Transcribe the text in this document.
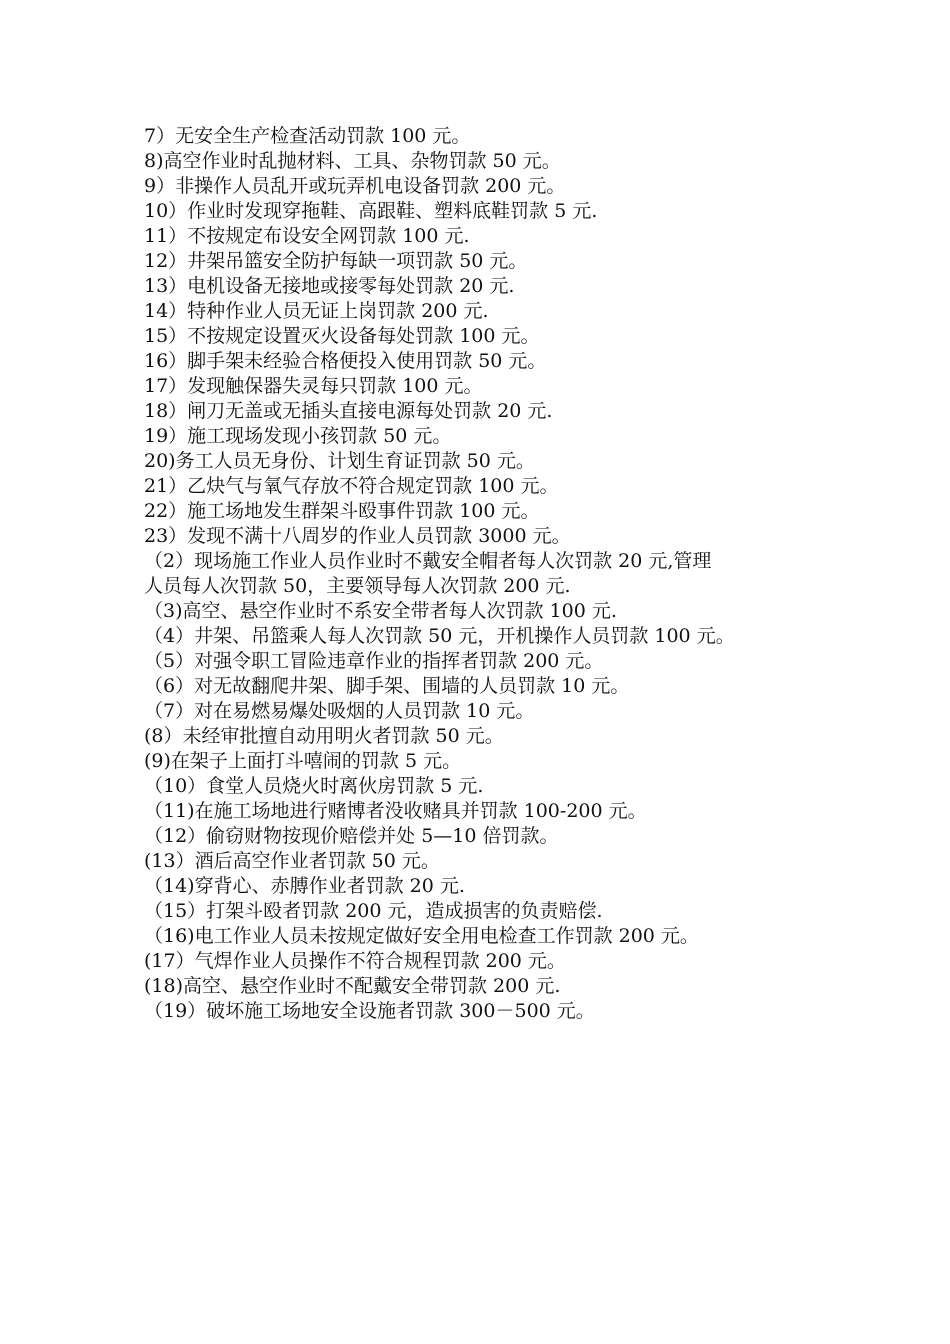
7）无安全生产检查活动罚款 100 元。

8)高空作业时乱抛材料、工具、杂物罚款 50 元。

9）非操作人员乱开或玩弄机电设备罚款 200 元。

10）作业时发现穿拖鞋、高跟鞋、塑料底鞋罚款 5 元.

11）不按规定布设安全网罚款 100 元.

12）井架吊篮安全防护每缺一项罚款 50 元。

13）电机设备无接地或接零每处罚款 20 元.

14）特种作业人员无证上岗罚款 200 元.

15）不按规定设置灭火设备每处罚款 100 元。

16）脚手架未经验合格便投入使用罚款 50 元。

17）发现触保器失灵每只罚款 100 元。

18）闸刀无盖或无插头直接电源每处罚款 20 元.

19）施工现场发现小孩罚款 50 元。

20)务工人员无身份、计划生育证罚款 50 元。

21）乙炔气与氧气存放不符合规定罚款 100 元。

22）施工场地发生群架斗殴事件罚款 100 元。

23）发现不满十八周岁的作业人员罚款 3000 元。

（2）现场施工作业人员作业时不戴安全帽者每人次罚款 20 元,管理

人员每人次罚款 50，主要领导每人次罚款 200 元.

（3)高空、悬空作业时不系安全带者每人次罚款 100 元.

（4）井架、吊篮乘人每人次罚款 50 元，开机操作人员罚款 100 元。

（5）对强令职工冒险违章作业的指挥者罚款 200 元。

（6）对无故翻爬井架、脚手架、围墙的人员罚款 10 元。

（7）对在易燃易爆处吸烟的人员罚款 10 元。

(8）未经审批擅自动用明火者罚款 50 元。

(9)在架子上面打斗嘻闹的罚款 5 元。

（10）食堂人员烧火时离伙房罚款 5 元.

（11)在施工场地进行赌博者没收赌具并罚款 100-200 元。

（12）偷窃财物按现价赔偿并处 5—10 倍罚款。

(13）酒后高空作业者罚款 50 元。

（14)穿背心、赤膊作业者罚款 20 元.

（15）打架斗殴者罚款 200 元，造成损害的负责赔偿.

（16)电工作业人员未按规定做好安全用电检查工作罚款 200 元。

(17）气焊作业人员操作不符合规程罚款 200 元。

(18)高空、悬空作业时不配戴安全带罚款 200 元.

（19）破坏施工场地安全设施者罚款 300－500 元。
